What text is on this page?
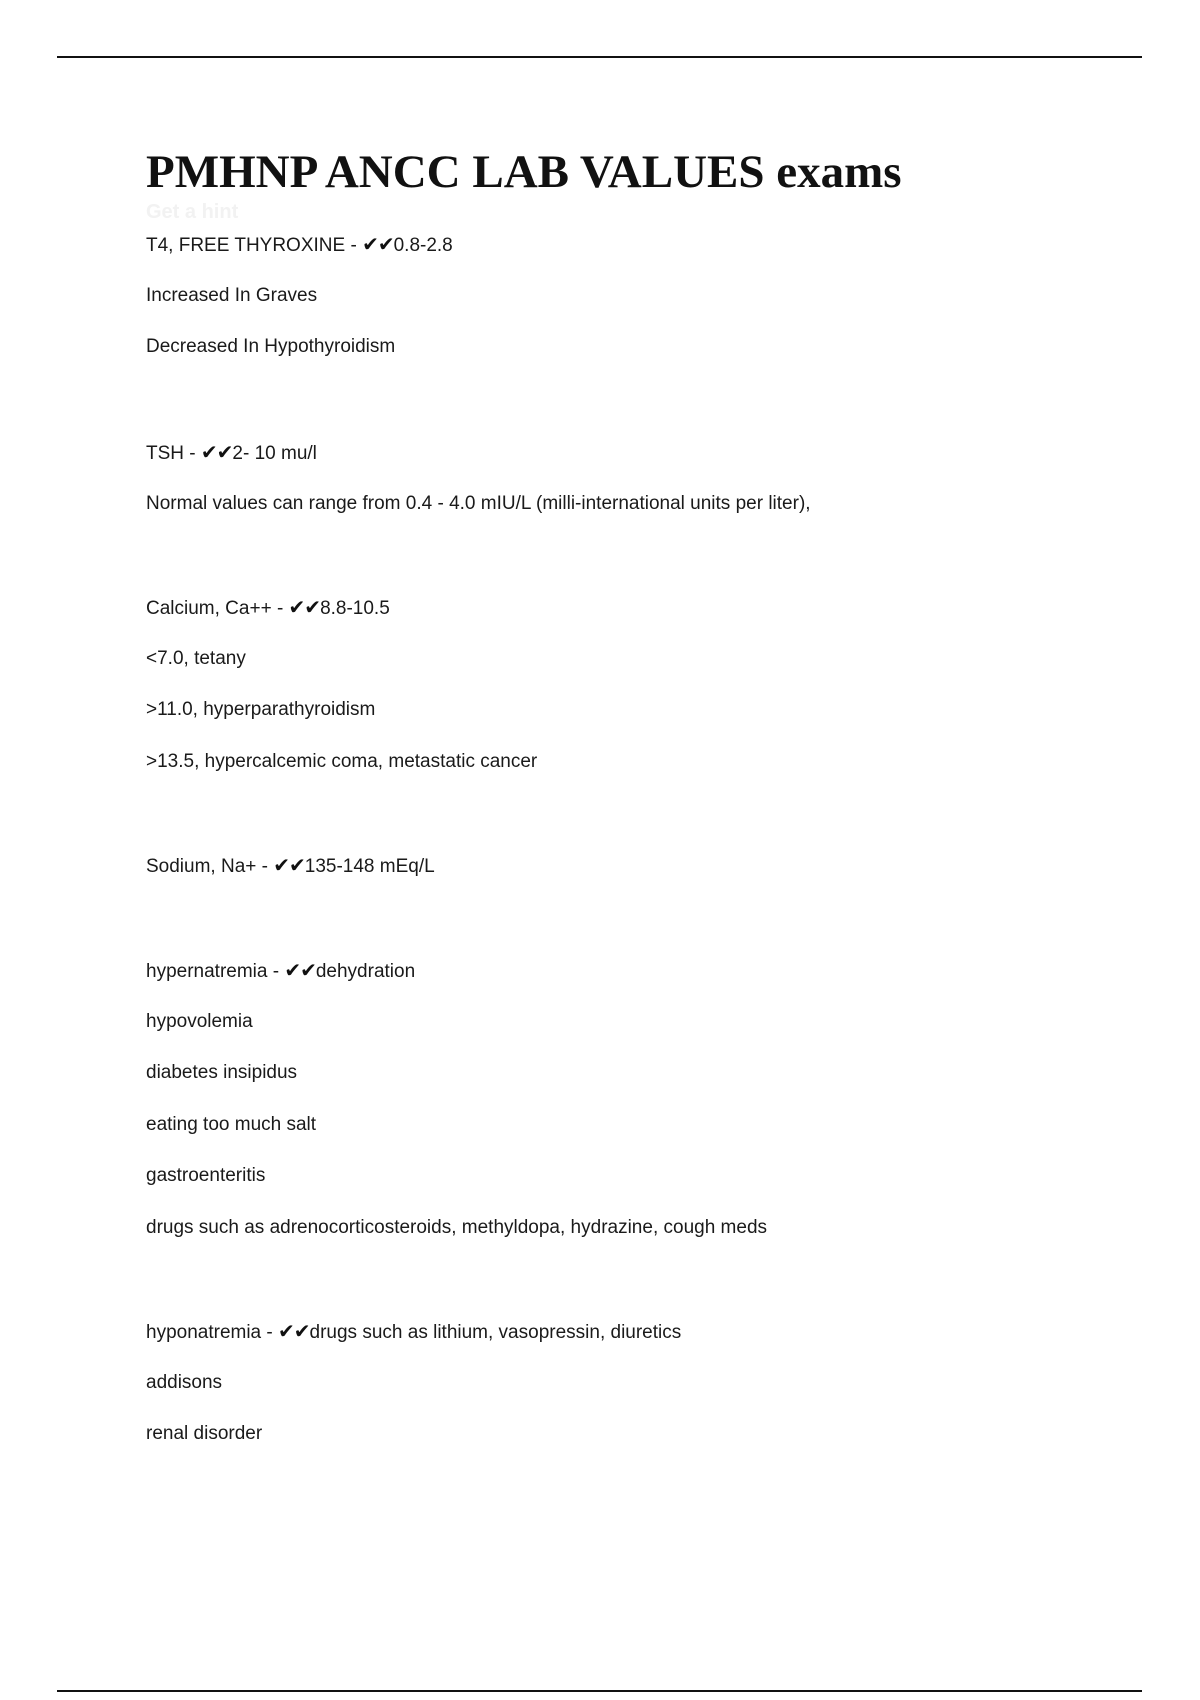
PMHNP ANCC LAB VALUES exams
Get a hint

T4, FREE THYROXINE - ✔✔0.8-2.8

Increased In Graves

Decreased In Hypothyroidism

TSH - ✔✔2- 10 mu/l

Normal values can range from 0.4 - 4.0 mIU/L (milli-international units per liter),

Calcium, Ca++ - ✔✔8.8-10.5

<7.0, tetany

>11.0, hyperparathyroidism

>13.5, hypercalcemic coma, metastatic cancer

Sodium, Na+ - ✔✔135-148 mEq/L

hypernatremia - ✔✔dehydration

hypovolemia

diabetes insipidus

eating too much salt

gastroenteritis

drugs such as adrenocorticosteroids, methyldopa, hydrazine, cough meds

hyponatremia - ✔✔drugs such as lithium, vasopressin, diuretics

addisons

renal disorder
